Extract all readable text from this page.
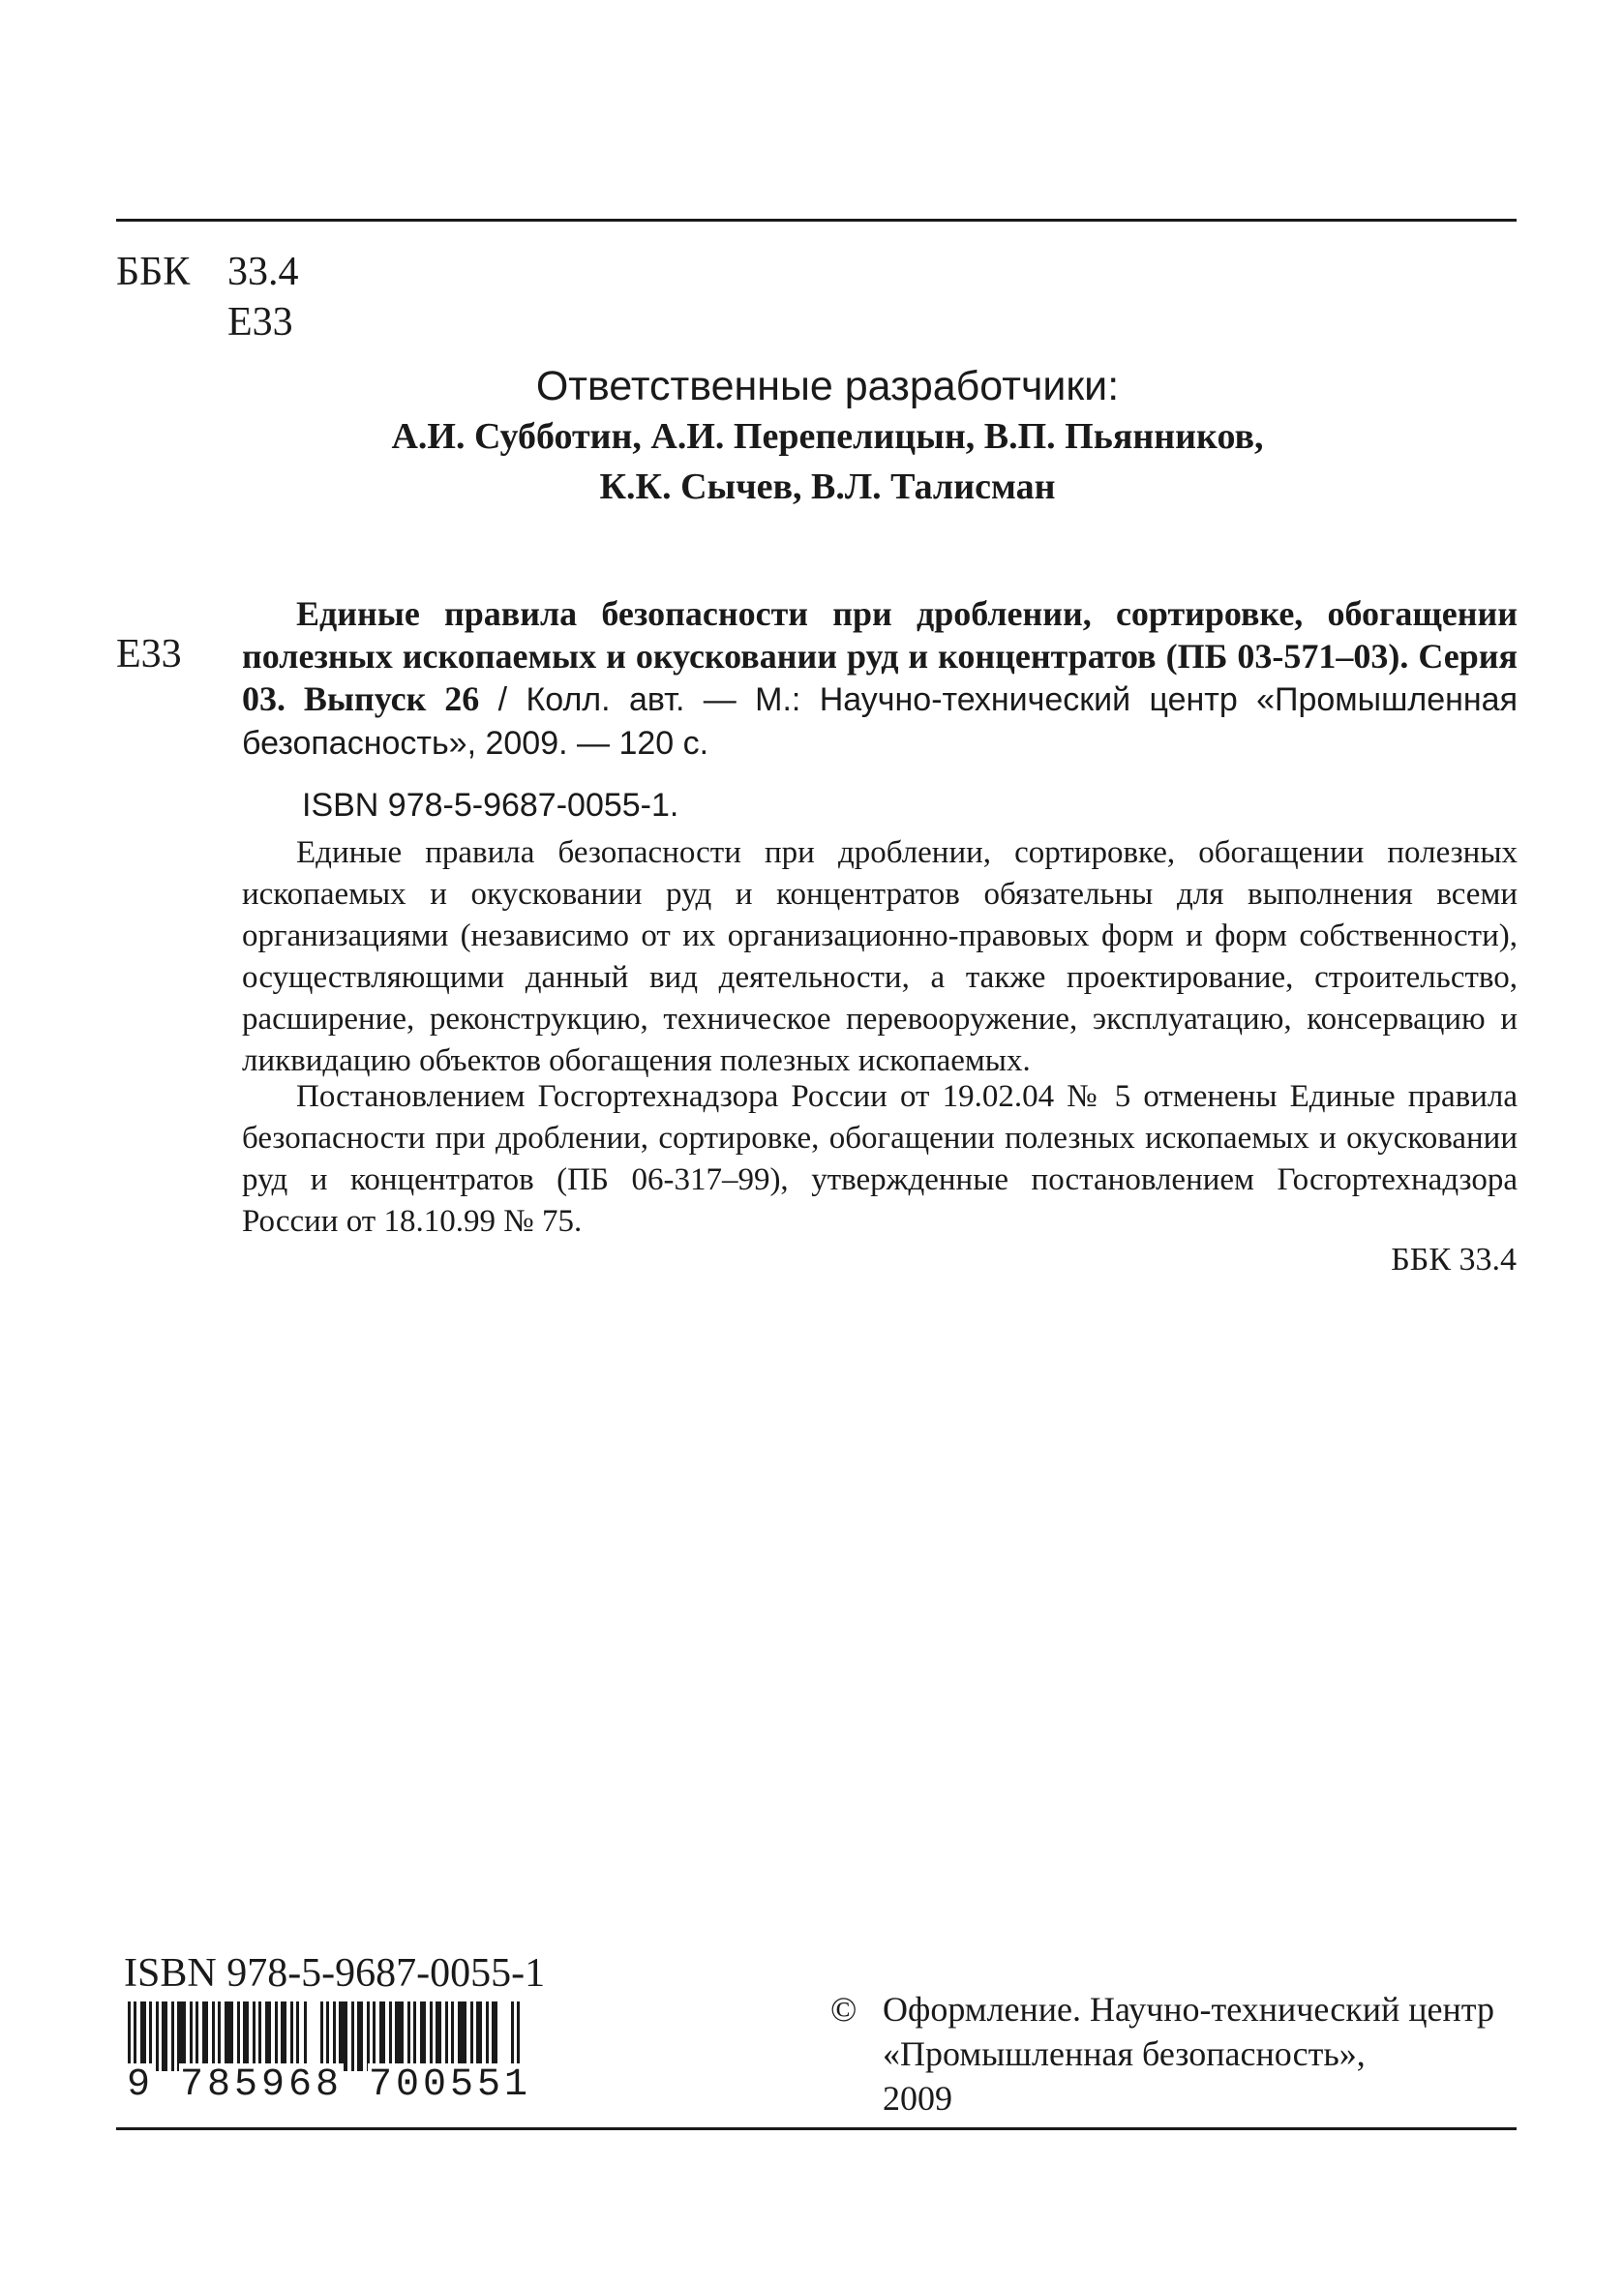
ББК 33.4
Е33
Ответственные разработчики:
А.И. Субботин, А.И. Перепелицын, В.П. Пьянников,
К.К. Сычев, В.Л. Талисман
Е33
Единые правила безопасности при дроблении, сортировке, обогащении полезных ископаемых и окусковании руд и концентратов (ПБ 03-571–03). Серия 03. Выпуск 26 / Колл. авт. — М.: Научно-технический центр «Промышленная безопасность», 2009. — 120 с.
ISBN 978-5-9687-0055-1.
Единые правила безопасности при дроблении, сортировке, обогащении полезных ископаемых и окусковании руд и концентратов обязательны для выполнения всеми организациями (независимо от их организационно-правовых форм и форм собственности), осуществляющими данный вид деятельности, а также проектирование, строительство, расширение, реконструкцию, техническое перевооружение, эксплуатацию, консервацию и ликвидацию объектов обогащения полезных ископаемых.
Постановлением Госгортехнадзора России от 19.02.04 № 5 отменены Единые правила безопасности при дроблении, сортировке, обогащении полезных ископаемых и окусковании руд и концентратов (ПБ 06-317–99), утвержденные постановлением Госгортехнадзора России от 18.10.99 № 75.
ББК 33.4
ISBN 978-5-9687-0055-1
9 785968 700551
© Оформление. Научно-технический центр
«Промышленная безопасность»,
2009
